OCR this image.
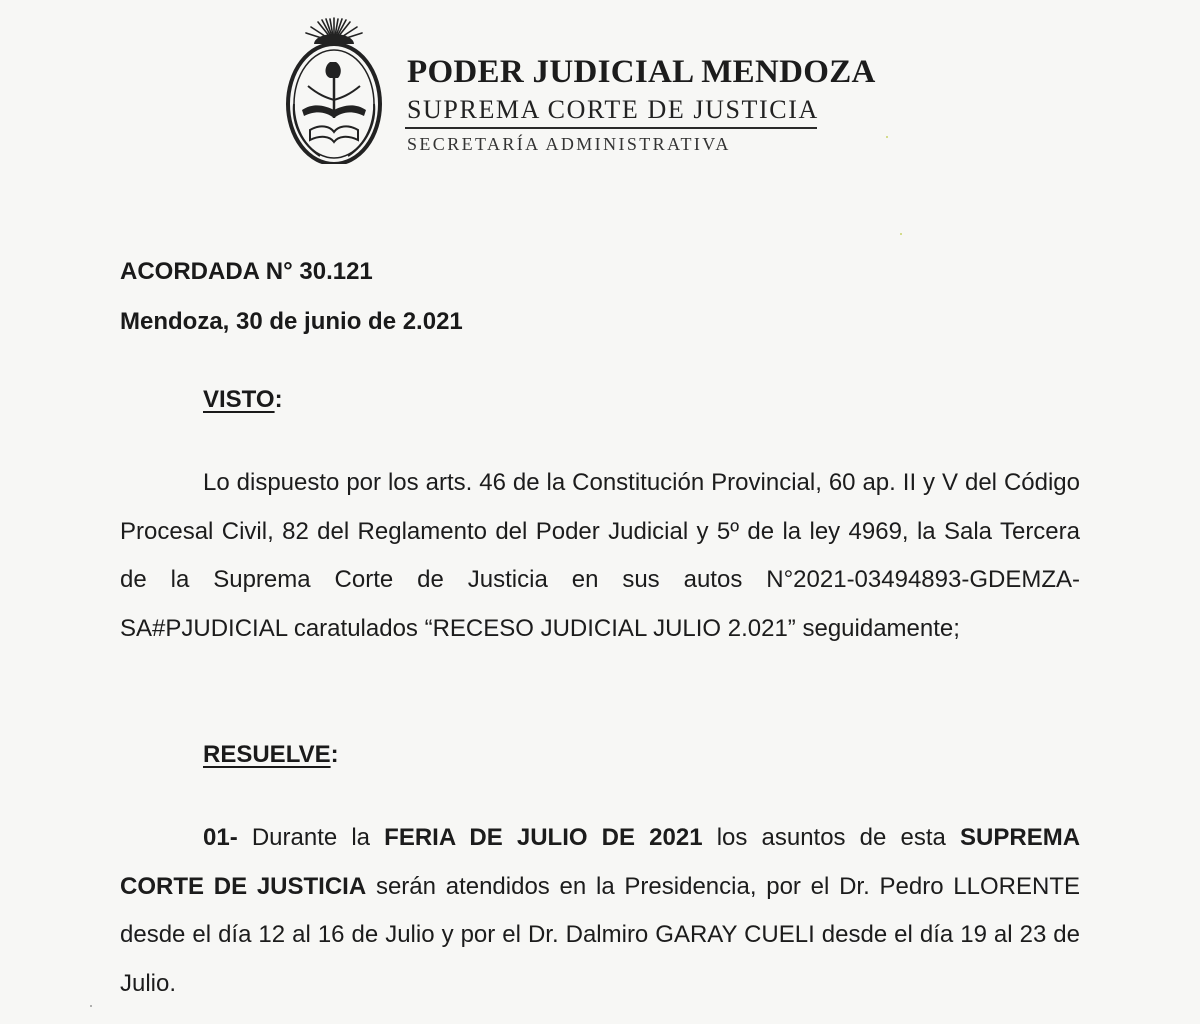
PODER JUDICIAL MENDOZA
SUPREMA CORTE DE JUSTICIA
SECRETARÍA ADMINISTRATIVA
ACORDADA N° 30.121
Mendoza, 30 de junio de 2.021
VISTO:
Lo dispuesto por los arts. 46 de la Constitución Provincial, 60 ap. II y V del Código Procesal Civil, 82 del Reglamento del Poder Judicial y 5º de la ley 4969, la Sala Tercera de la Suprema Corte de Justicia en sus autos N°2021-03494893-GDEMZA-SA#PJUDICIAL caratulados “RECESO JUDICIAL JULIO 2.021” seguidamente;
RESUELVE:
01- Durante la FERIA DE JULIO DE 2021 los asuntos de esta SUPREMA CORTE DE JUSTICIA serán atendidos en la Presidencia, por el Dr. Pedro LLORENTE desde el día 12 al 16 de Julio y por el Dr. Dalmiro GARAY CUELI desde el día 19 al 23 de Julio.
